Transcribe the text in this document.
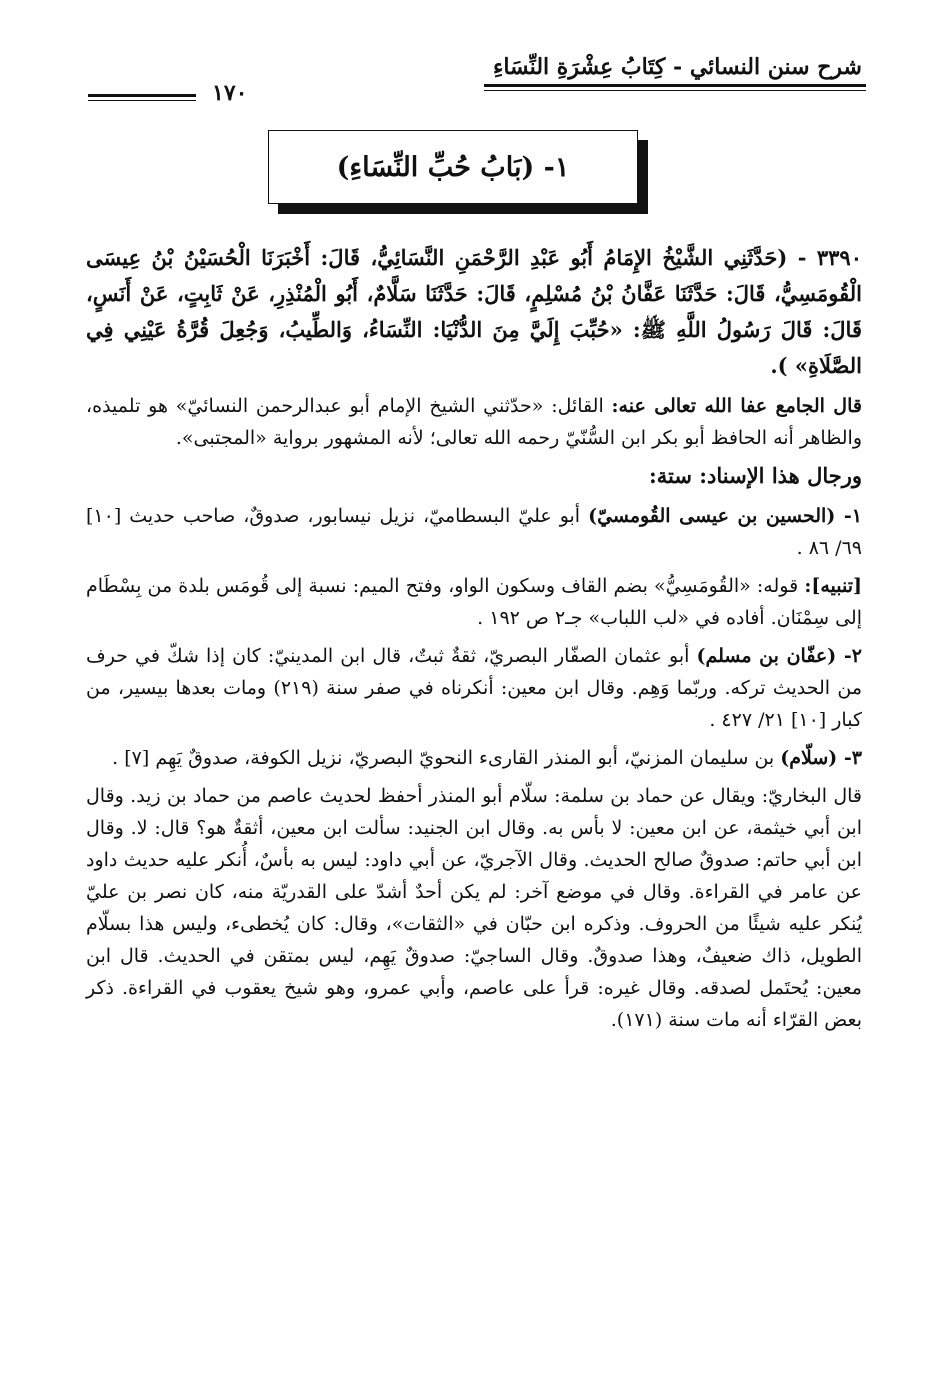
شرح سنن النسائي - كِتَابُ عِشْرَةِ النِّسَاءِ
١٧٠
١- (بَابُ حُبِّ النِّسَاءِ)

٣٣٩٠ - (حَدَّثَنِي الشَّيْخُ الإِمَامُ أَبُو عَبْدِ الرَّحْمَنِ النَّسَائِيُّ، قَالَ: أَخْبَرَنَا الْحُسَيْنُ بْنُ عِيسَى الْقُومَسِيُّ، قَالَ: حَدَّثَنَا عَفَّانُ بْنُ مُسْلِمٍ، قَالَ: حَدَّثَنَا سَلَّامٌ، أَبُو الْمُنْذِرِ، عَنْ ثَابِتٍ، عَنْ أَنَسٍ، قَالَ: قَالَ رَسُولُ اللَّهِ ﷺ: «حُبِّبَ إِلَيَّ مِنَ الدُّنْيَا: النِّسَاءُ، وَالطِّيبُ، وَجُعِلَ قُرَّةُ عَيْنِي فِي الصَّلَاةِ» ).

قال الجامع عفا الله تعالى عنه: القائل: «حدّثني الشيخ الإمام أبو عبدالرحمن النسائيّ» هو تلميذه، والظاهر أنه الحافظ أبو بكر ابن السُّنّيّ رحمه الله تعالى؛ لأنه المشهور برواية «المجتبى».

ورجال هذا الإسناد: ستة:

١- (الحسين بن عيسى القُومسيّ) أبو عليّ البسطاميّ، نزيل نيسابور، صدوقٌ، صاحب حديث [١٠] ٦٩/ ٨٦ .

[تنبيه]: قوله: «القُومَسِيُّ» بضم القاف وسكون الواو، وفتح الميم: نسبة إلى قُومَس بلدة من بِسْطَام إلى سِمْنَان. أفاده في «لب اللباب» جـ٢ ص ١٩٢ .

٢- (عفّان بن مسلم) أبو عثمان الصفّار البصريّ، ثقةٌ ثبتٌ، قال ابن المدينيّ: كان إذا شكّ في حرف من الحديث تركه. وربّما وَهِم. وقال ابن معين: أنكرناه في صفر سنة (٢١٩) ومات بعدها بيسير، من كبار [١٠] ٢١/ ٤٢٧ .

٣- (سلّام) بن سليمان المزنيّ، أبو المنذر القارىء النحويّ البصريّ، نزيل الكوفة، صدوقٌ يَهِم [٧] .

قال البخاريّ: ويقال عن حماد بن سلمة: سلّام أبو المنذر أحفظ لحديث عاصم من حماد بن زيد. وقال ابن أبي خيثمة، عن ابن معين: لا بأس به. وقال ابن الجنيد: سألت ابن معين، أثقةٌ هو؟ قال: لا. وقال ابن أبي حاتم: صدوقٌ صالح الحديث. وقال الآجريّ، عن أبي داود: ليس به بأسٌ، أُنكر عليه حديث داود عن عامر في القراءة. وقال في موضع آخر: لم يكن أحدٌ أشدّ على القدريّة منه، كان نصر بن عليّ يُنكر عليه شيئًا من الحروف. وذكره ابن حبّان في «الثقات»، وقال: كان يُخطىء، وليس هذا بسلّام الطويل، ذاك ضعيفٌ، وهذا صدوقٌ. وقال الساجيّ: صدوقٌ يَهِم، ليس بمتقن في الحديث. قال ابن معين: يُحتَمل لصدقه. وقال غيره: قرأ على عاصم، وأبي عمرو، وهو شيخ يعقوب في القراءة. ذكر بعض القرّاء أنه مات سنة (١٧١).
